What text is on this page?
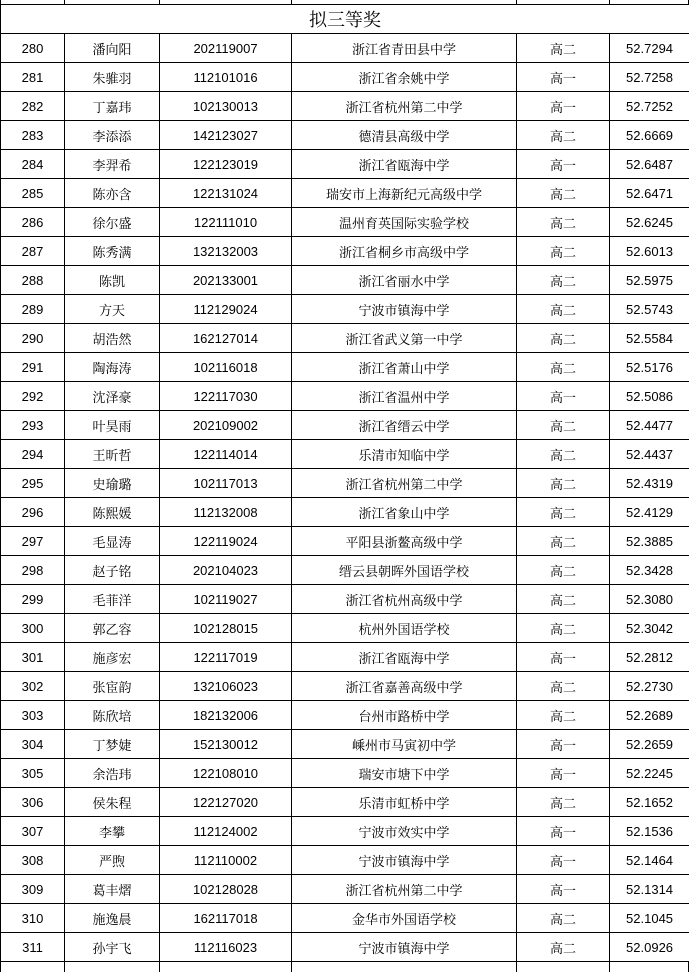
拟三等奖					
280	潘向阳	202119007	浙江省青田县中学	高二	52.7294
281	朱骓羽	112101016	浙江省余姚中学	高一	52.7258
282	丁嘉玮	102130013	浙江省杭州第二中学	高一	52.7252
283	李添添	142123027	德清县高级中学	高二	52.6669
284	李羿希	122123019	浙江省瓯海中学	高一	52.6487
285	陈亦含	122131024	瑞安市上海新纪元高级中学	高二	52.6471
286	徐尔盛	122111010	温州育英国际实验学校	高二	52.6245
287	陈秀满	132132003	浙江省桐乡市高级中学	高二	52.6013
288	陈凯	202133001	浙江省丽水中学	高二	52.5975
289	方天	112129024	宁波市镇海中学	高二	52.5743
290	胡浩然	162127014	浙江省武义第一中学	高二	52.5584
291	陶海涛	102116018	浙江省萧山中学	高二	52.5176
292	沈泽豪	122117030	浙江省温州中学	高一	52.5086
293	叶昊雨	202109002	浙江省缙云中学	高二	52.4477
294	王昕哲	122114014	乐清市知临中学	高二	52.4437
295	史瑜璐	102117013	浙江省杭州第二中学	高二	52.4319
296	陈熙媛	112132008	浙江省象山中学	高二	52.4129
297	毛显涛	122119024	平阳县浙鳌高级中学	高二	52.3885
298	赵子铭	202104023	缙云县朝晖外国语学校	高二	52.3428
299	毛菲洋	102119027	浙江省杭州高级中学	高二	52.3080
300	郭乙容	102128015	杭州外国语学校	高二	52.3042
301	施彦宏	122117019	浙江省瓯海中学	高一	52.2812
302	张宦韵	132106023	浙江省嘉善高级中学	高二	52.2730
303	陈欣培	182132006	台州市路桥中学	高二	52.2689
304	丁梦婕	152130012	嵊州市马寅初中学	高一	52.2659
305	余浩玮	122108010	瑞安市塘下中学	高一	52.2245
306	侯朱程	122127020	乐清市虹桥中学	高二	52.1652
307	李攀	112124002	宁波市效实中学	高一	52.1536
308	严煦	112110002	宁波市镇海中学	高一	52.1464
309	葛丰熠	102128028	浙江省杭州第二中学	高一	52.1314
310	施逸晨	162117018	金华市外国语学校	高二	52.1045
311	孙宇飞	112116023	宁波市镇海中学	高二	52.0926
